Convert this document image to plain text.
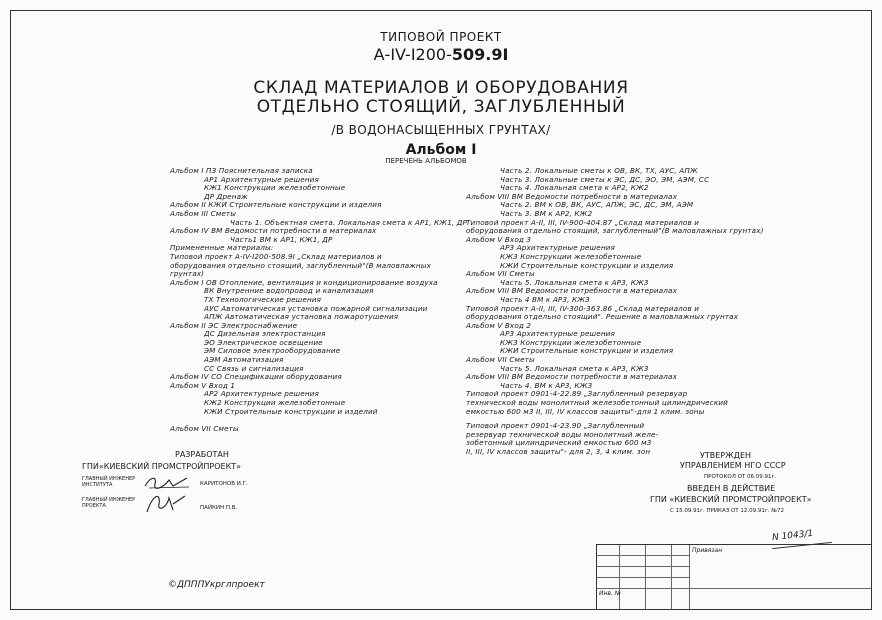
ТИПОВОЙ ПРОЕКТ
А-IV-I200-509.9I
СКЛАД МАТЕРИАЛОВ И ОБОРУДОВАНИЯ
ОТДЕЛЬНО СТОЯЩИЙ, ЗАГЛУБЛЕННЫЙ
/В ВОДОНАСЫЩЕННЫХ ГРУНТАХ/
Альбом I
ПЕРЕЧЕНЬ АЛЬБОМОВ
Альбом I ПЗ Пояснительная записка
АР1 Архитектурные решения
КЖ1 Конструкции железобетонные
ДР Дренаж
Альбом II КЖИ Строительные конструкции и изделия
Альбом III Сметы
Часть 1. Объектная смета. Локальная смета к АР1, КЖ1, ДР
Альбом IV ВМ Ведомости потребности в материалах
Часть1 ВМ к АР1, КЖ1, ДР
Примененные материалы:
Типовой проект А-IV-I200-508.9I „Склад материалов и
оборудования отдельно стоящий, заглубленный"(В маловлажных
грунтах)
Альбом I ОВ Отопление, вентиляция и кондиционирование воздуха
ВК Внутренние водопровод и канализация
ТХ Технологические решения
АУС Автоматическая установка пожарной сигнализации
АПЖ Автоматическая установка пожаротушения
Альбом II ЭС Электроснабжение
ДС Дизельная электростанция
ЭО Электрическое освещение
ЭМ Силовое электрооборудование
АЭМ Автоматизация
СС Связь и сигнализация
Альбом IV СО Спецификации оборудования
Альбом V Вход 1
АР2 Архитектурные решения
КЖ2 Конструкции железобетонные
КЖИ Строительные конструкции и изделий
Альбом VII Сметы
Часть 2. Локальные сметы к ОВ, ВК, ТХ, АУС, АПЖ
Часть 3. Локальные сметы к ЭС, ДС, ЭО, ЭМ, АЭМ, СС
Часть 4. Локальная смета к АР2, КЖ2
Альбом VIII ВМ Ведомости потребности в материалах
Часть 2. ВМ к ОВ, ВК, АУС, АПЖ, ЭС, ДС, ЭМ, АЭМ
Часть 3. ВМ к АР2, КЖ2
Типовой проект А-II, III, IV-900-404.87 „Склад материалов и
оборудования отдельно стоящий, заглубленный"(В маловлажных грунтах)
Альбом V Вход 3
АР3 Архитектурные решения
КЖ3 Конструкции железобетонные
КЖИ Строительные конструкции и изделия
Альбом VII Сметы
Часть 5. Локальная смета к АР3, КЖ3
Альбом VIII ВМ Ведомости потребности в материалах
Часть 4 ВМ к АР3, КЖ3
Типовой проект А-II, III, IV-300-363.86 „Склад материалов и
оборудования отдельно стоящий". Решение в маловлажных грунтах
Альбом V Вход 2
АР3 Архитектурные решения
КЖ3 Конструкции железобетонные
КЖИ Строительные конструкции и изделия
Альбом VII Сметы
Часть 5. Локальная смета к АР3, КЖ3
Альбом VIII ВМ Ведомости потребности в материалах
Часть 4. ВМ к АР3, КЖ3
Типовой проект 0901-4-22.89 „Заглубленный резервуар
технической воды монолитный железобетонный цилиндрический
емкостью 600 м3 II, III, IV классов защиты"-для 1 клим. зоны
Типовой проект 0901-4-23.90 „Заглубленный
резервуар технической воды монолитный желе-
зобетонный цилиндрический емкостью 600 м3
II, III, IV классов защиты"- для 2, 3, 4 клим. зон
РАЗРАБОТАН
ГПИ«КИЕВСКИЙ ПРОМСТРОЙПРОЕКТ»
ГЛАВНЫЙ ИНЖЕНЕР ИНСТИТУТА	КАРИТОНОВ И.Г.
ГЛАВНЫЙ ИНЖЕНЕР ПРОЕКТА	ПАЙКИН П.В.
УТВЕРЖДЕН
УПРАВЛЕНИЕМ НГО СССР
ПРОТОКОЛ ОТ 06.09.91г.
ВВЕДЕН В ДЕЙСТВИЕ
ГПИ «КИЕВСКИЙ ПРОМСТРОЙПРОЕКТ»
С 15.09.91г. ПРИКАЗ ОТ 12.09.91г. №72
N 1043/1
Привязан
Инв. №
©ДПППУкрглпроект
